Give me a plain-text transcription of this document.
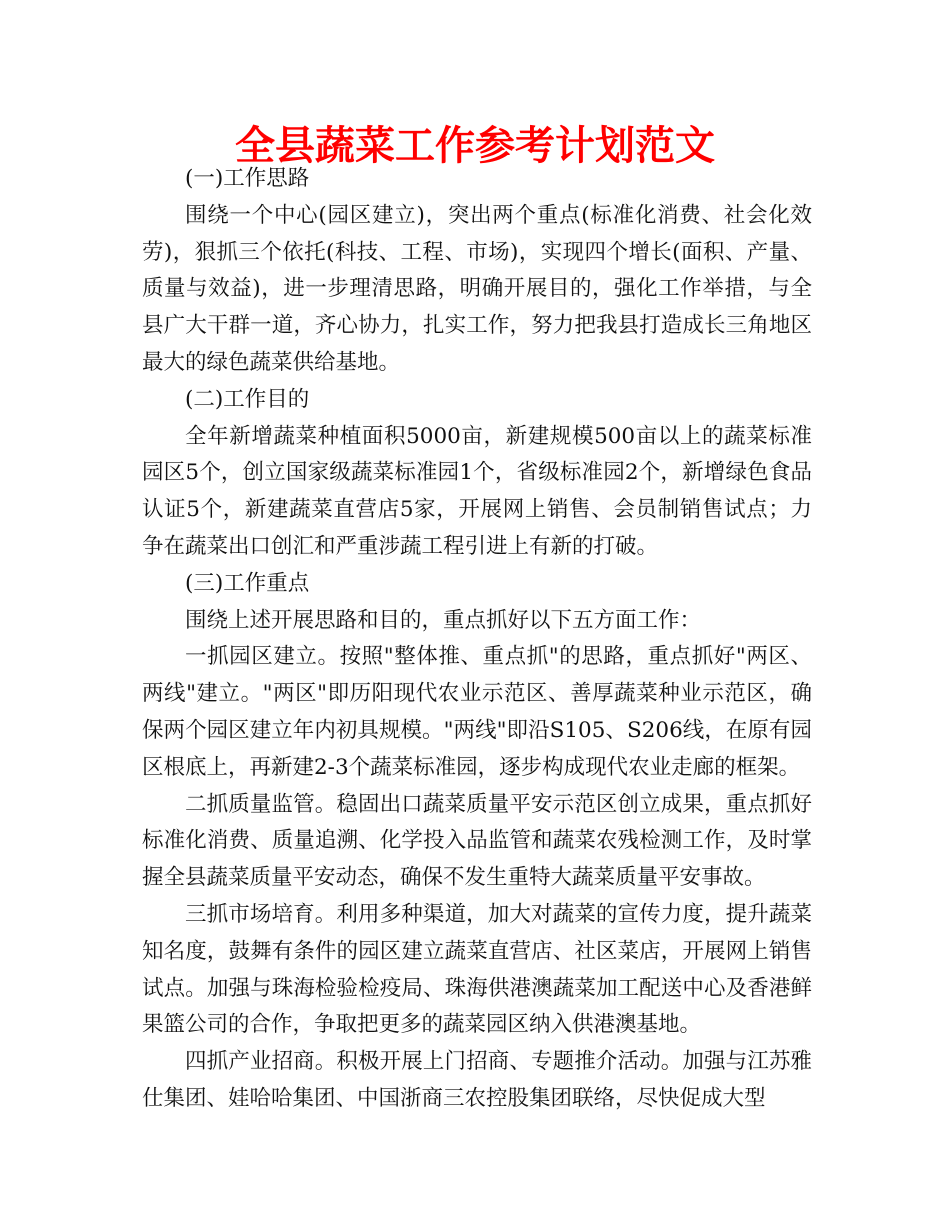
全县蔬菜工作参考计划范文

(一)工作思路

围绕一个中心(园区建立)，突出两个重点(标准化消费、社会化效劳)，狠抓三个依托(科技、工程、市场)，实现四个增长(面积、产量、质量与效益)，进一步理清思路，明确开展目的，强化工作举措，与全县广大干群一道，齐心协力，扎实工作，努力把我县打造成长三角地区最大的绿色蔬菜供给基地。

(二)工作目的

全年新增蔬菜种植面积5000亩，新建规模500亩以上的蔬菜标准园区5个，创立国家级蔬菜标准园1个，省级标准园2个，新增绿色食品认证5个，新建蔬菜直营店5家，开展网上销售、会员制销售试点；力争在蔬菜出口创汇和严重涉蔬工程引进上有新的打破。

(三)工作重点

围绕上述开展思路和目的，重点抓好以下五方面工作：

一抓园区建立。按照"整体推、重点抓"的思路，重点抓好"两区、两线"建立。"两区"即历阳现代农业示范区、善厚蔬菜种业示范区，确保两个园区建立年内初具规模。"两线"即沿S105、S206线，在原有园区根底上，再新建2-3个蔬菜标准园，逐步构成现代农业走廊的框架。

二抓质量监管。稳固出口蔬菜质量平安示范区创立成果，重点抓好标准化消费、质量追溯、化学投入品监管和蔬菜农残检测工作，及时掌握全县蔬菜质量平安动态，确保不发生重特大蔬菜质量平安事故。

三抓市场培育。利用多种渠道，加大对蔬菜的宣传力度，提升蔬菜知名度，鼓舞有条件的园区建立蔬菜直营店、社区菜店，开展网上销售试点。加强与珠海检验检疫局、珠海供港澳蔬菜加工配送中心及香港鲜果篮公司的合作，争取把更多的蔬菜园区纳入供港澳基地。

四抓产业招商。积极开展上门招商、专题推介活动。加强与江苏雅仕集团、娃哈哈集团、中国浙商三农控股集团联络，尽快促成大型
